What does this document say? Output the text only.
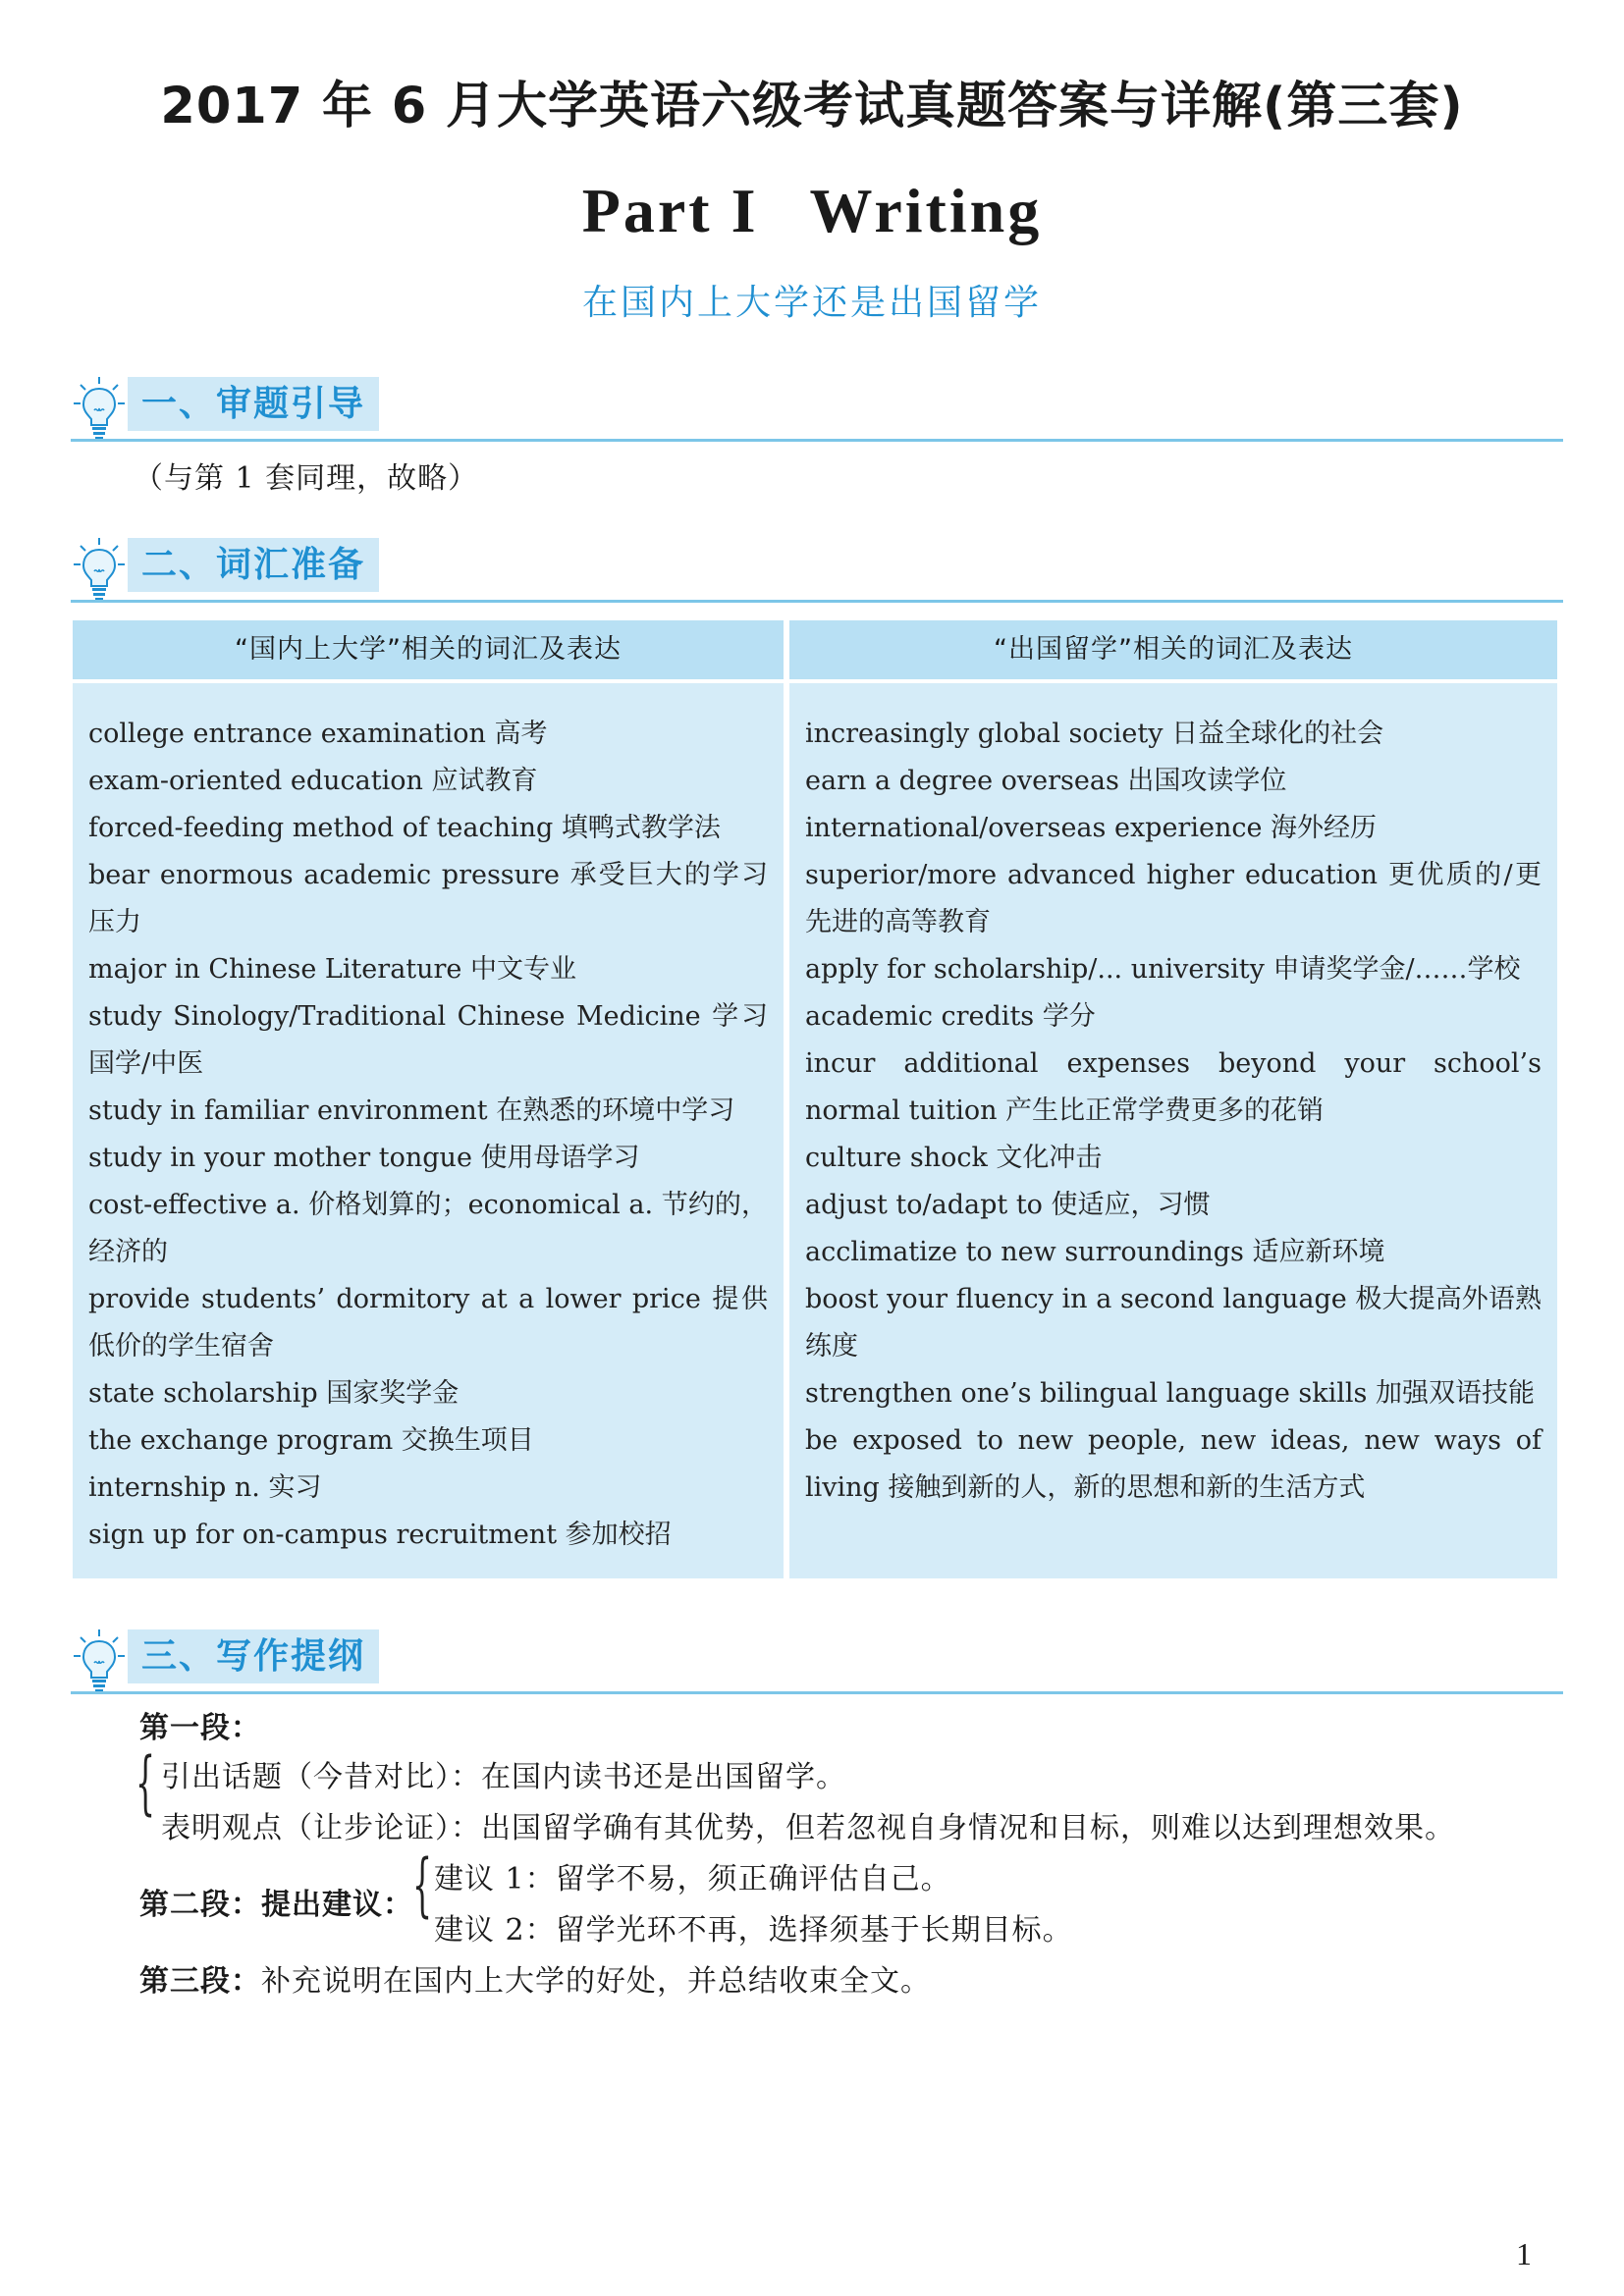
2017 年 6 月大学英语六级考试真题答案与详解(第三套)
Part I Writing
在国内上大学还是出国留学
一、审题引导
（与第 1 套同理，故略）
二、词汇准备
“国内上大学”相关的词汇及表达	“出国留学”相关的词汇及表达
college entrance examination 高考
exam-oriented education 应试教育
forced-feeding method of teaching 填鸭式教学法
bear enormous academic pressure 承受巨大的学习压力
major in Chinese Literature 中文专业
study Sinology/Traditional Chinese Medicine 学习国学/中医
study in familiar environment 在熟悉的环境中学习
study in your mother tongue 使用母语学习
cost-effective a. 价格划算的；economical a. 节约的，经济的
provide students’ dormitory at a lower price 提供低价的学生宿舍
state scholarship 国家奖学金
the exchange program 交换生项目
internship n. 实习
sign up for on-campus recruitment 参加校招
increasingly global society 日益全球化的社会
earn a degree overseas 出国攻读学位
international/overseas experience 海外经历
superior/more advanced higher education 更优质的/更先进的高等教育
apply for scholarship/... university 申请奖学金/……学校
academic credits 学分
incur additional expenses beyond your school’s normal tuition 产生比正常学费更多的花销
culture shock 文化冲击
adjust to/adapt to 使适应，习惯
acclimatize to new surroundings 适应新环境
boost your fluency in a second language 极大提高外语熟练度
strengthen one’s bilingual language skills 加强双语技能
be exposed to new people, new ideas, new ways of living 接触到新的人，新的思想和新的生活方式
三、写作提纲
第一段：
{ 引出话题（今昔对比）：在国内读书还是出国留学。
表明观点（让步论证）：出国留学确有其优势，但若忽视自身情况和目标，则难以达到理想效果。
第二段：提出建议： { 建议 1：留学不易，须正确评估自己。
建议 2：留学光环不再，选择须基于长期目标。
第三段：补充说明在国内上大学的好处，并总结收束全文。
1
